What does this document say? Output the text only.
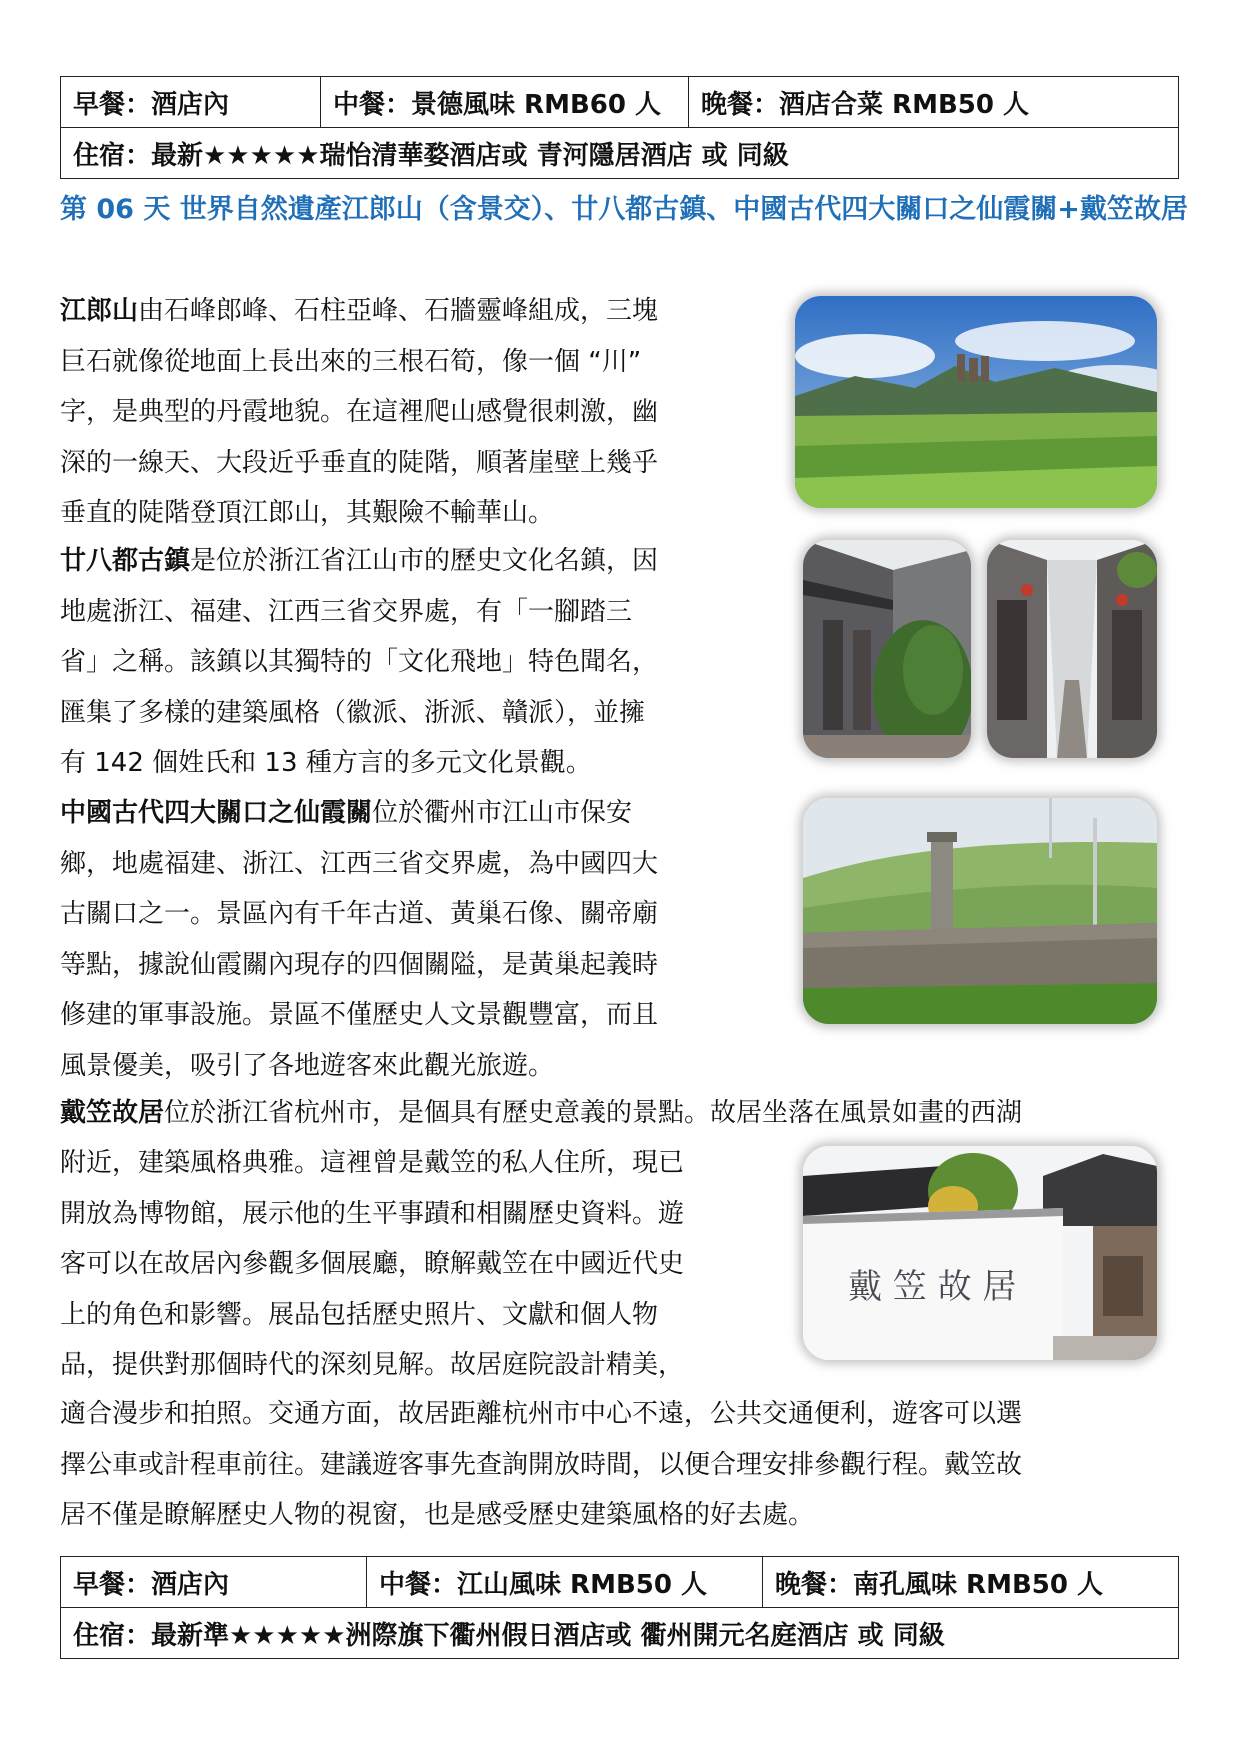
早餐：酒店內	中餐：景德風味 RMB60 人	晚餐：酒店合菜 RMB50 人
住宿：最新★★★★★瑞怡清華婺酒店或 青河隱居酒店 或 同級
第 06 天 世界自然遺產江郎山（含景交）、廿八都古鎮、中國古代四大關口之仙霞關+戴笠故居

江郎山由石峰郎峰、石柱亞峰、石牆靈峰組成，三塊
巨石就像從地面上長出來的三根石筍，像一個 “川”
字，是典型的丹霞地貌。在這裡爬山感覺很刺激，幽
深的一線天、大段近乎垂直的陡階，順著崖壁上幾乎
垂直的陡階登頂江郎山，其艱險不輸華山。

廿八都古鎮是位於浙江省江山市的歷史文化名鎮，因
地處浙江、福建、江西三省交界處，有「一腳踏三
省」之稱。該鎮以其獨特的「文化飛地」特色聞名，
匯集了多樣的建築風格（徽派、浙派、贛派），並擁
有 142 個姓氏和 13 種方言的多元文化景觀。

中國古代四大關口之仙霞關位於衢州市江山市保安
鄉，地處福建、浙江、江西三省交界處，為中國四大
古關口之一。景區內有千年古道、黃巢石像、關帝廟
等點，據說仙霞關內現存的四個關隘，是黃巢起義時
修建的軍事設施。景區不僅歷史人文景觀豐富，而且
風景優美，吸引了各地遊客來此觀光旅遊。

戴笠故居位於浙江省杭州市，是個具有歷史意義的景點。故居坐落在風景如畫的西湖

附近，建築風格典雅。這裡曾是戴笠的私人住所，現已
開放為博物館，展示他的生平事蹟和相關歷史資料。遊
客可以在故居內參觀多個展廳，瞭解戴笠在中國近代史
上的角色和影響。展品包括歷史照片、文獻和個人物
品，提供對那個時代的深刻見解。故居庭院設計精美，

適合漫步和拍照。交通方面，故居距離杭州市中心不遠，公共交通便利，遊客可以選
擇公車或計程車前往。建議遊客事先查詢開放時間，以便合理安排參觀行程。戴笠故
居不僅是瞭解歷史人物的視窗，也是感受歷史建築風格的好去處。

戴 笠 故 居
早餐：酒店內	中餐：江山風味 RMB50 人	晚餐：南孔風味 RMB50 人
住宿：最新準★★★★★洲際旗下衢州假日酒店或 衢州開元名庭酒店 或 同級
